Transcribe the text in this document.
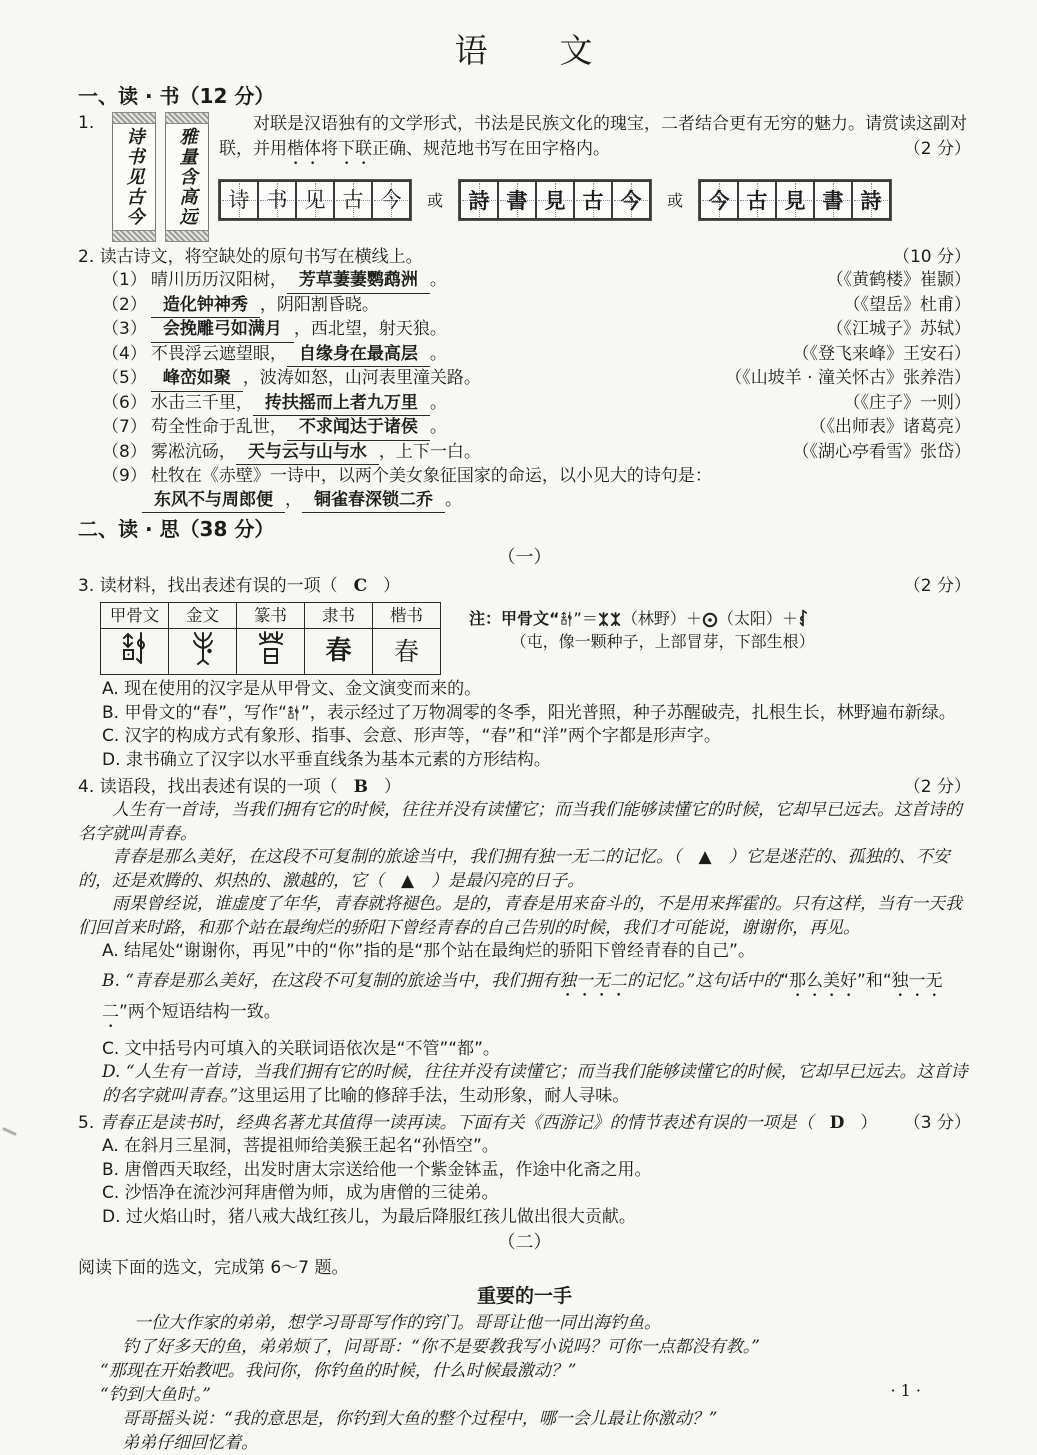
语　　文
一、读 · 书（12 分）
1.
诗书见古今	雅量含高远

对联是汉语独有的文学形式，书法是民族文化的瑰宝，二者结合更有无穷的魅力。请赏读这副对联，并用楷体将下联正确、规范地书写在田字格内。	（2 分）

诗 书 见 古 今 或 詩 書 見 古 今 或 今 古 見 書 詩
2. 读古诗文，将空缺处的原句书写在横线上。	（10 分）
（1） 晴川历历汉阳树， 芳草萋萋鹦鹉洲 。	（《黄鹤楼》崔颢）
（2） 造化钟神秀 ，阴阳割昏晓。	（《望岳》杜甫）
（3） 会挽雕弓如满月 ，西北望，射天狼。	（《江城子》苏轼）
（4） 不畏浮云遮望眼， 自缘身在最高层 。	（《登飞来峰》王安石）
（5） 峰峦如聚 ，波涛如怒，山河表里潼关路。	（《山坡羊 · 潼关怀古》张养浩）
（6） 水击三千里， 抟扶摇而上者九万里 。	（《庄子》一则）
（7） 苟全性命于乱世， 不求闻达于诸侯 。	（《出师表》诸葛亮）
（8） 雾凇沆砀， 天与云与山与水 ，上下一白。	（《湖心亭看雪》张岱）
（9） 杜牧在《赤壁》一诗中，以两个美女象征国家的命运，以小见大的诗句是：
东风不与周郎便 ， 铜雀春深锁二乔 。
二、读 · 思（38 分）
（一）
3. 读材料，找出表述有误的一项（ C ）	（2 分）
甲骨文	金文	篆书	隶书	楷书
			春	春
注：甲骨文“ ”＝ （林野）＋ （太阳）＋
（屯，像一颗种子，上部冒芽，下部生根）

A. 现在使用的汉字是从甲骨文、金文演变而来的。

B. 甲骨文的“春”，写作“ ”，表示经过了万物凋零的冬季，阳光普照，种子苏醒破壳，扎根生长，林野遍布新绿。

C. 汉字的构成方式有象形、指事、会意、形声等，“春”和“洋”两个字都是形声字。

D. 隶书确立了汉字以水平垂直线条为基本元素的方形结构。

4. 读语段，找出表述有误的一项（ B ）	（2 分）

人生有一首诗，当我们拥有它的时候，往往并没有读懂它；而当我们能够读懂它的时候，它却早已远去。这首诗的名字就叫青春。

青春是那么美好，在这段不可复制的旅途当中，我们拥有独一无二的记忆。（　▲　）它是迷茫的、孤独的、不安的，还是欢腾的、炽热的、激越的，它（　▲　）是最闪亮的日子。

雨果曾经说，谁虚度了年华，青春就将褪色。是的，青春是用来奋斗的，不是用来挥霍的。只有这样，当有一天我们回首来时路，和那个站在最绚烂的骄阳下曾经青春的自己告别的时候，我们才可能说，谢谢你，再见。

A. 结尾处“谢谢你，再见”中的“你”指的是“那个站在最绚烂的骄阳下曾经青春的自己”。

B. “青春是那么美好，在这段不可复制的旅途当中，我们拥有独一无二的记忆。”这句话中的“那么美好”和“独一无二”两个短语结构一致。

C. 文中括号内可填入的关联词语依次是“不管”“都”。

D. “人生有一首诗，当我们拥有它的时候，往往并没有读懂它；而当我们能够读懂它的时候，它却早已远去。这首诗的名字就叫青春。”这里运用了比喻的修辞手法，生动形象，耐人寻味。

5.
青春正是读书时，经典名著尤其值得一读再读。下面有关《西游记》的情节表述有误的一项是（ D ） （3 分）

A. 在斜月三星洞，菩提祖师给美猴王起名“孙悟空”。

B. 唐僧西天取经，出发时唐太宗送给他一个紫金钵盂，作途中化斋之用。

C. 沙悟净在流沙河拜唐僧为师，成为唐僧的三徒弟。

D. 过火焰山时，猪八戒大战红孩儿，为最后降服红孩儿做出很大贡献。

（二）

阅读下面的选文，完成第 6～7 题。

重要的一手

一位大作家的弟弟，想学习哥哥写作的窍门。哥哥让他一同出海钓鱼。

钓了好多天的鱼，弟弟烦了，问哥哥：“你不是要教我写小说吗？可你一点都没有教。”

“那现在开始教吧。我问你，你钓鱼的时候，什么时候最激动？”

“钓到大鱼时。”

哥哥摇头说：“我的意思是，你钓到大鱼的整个过程中，哪一会儿最让你激动？”

弟弟仔细回忆着。

· 1 ·
